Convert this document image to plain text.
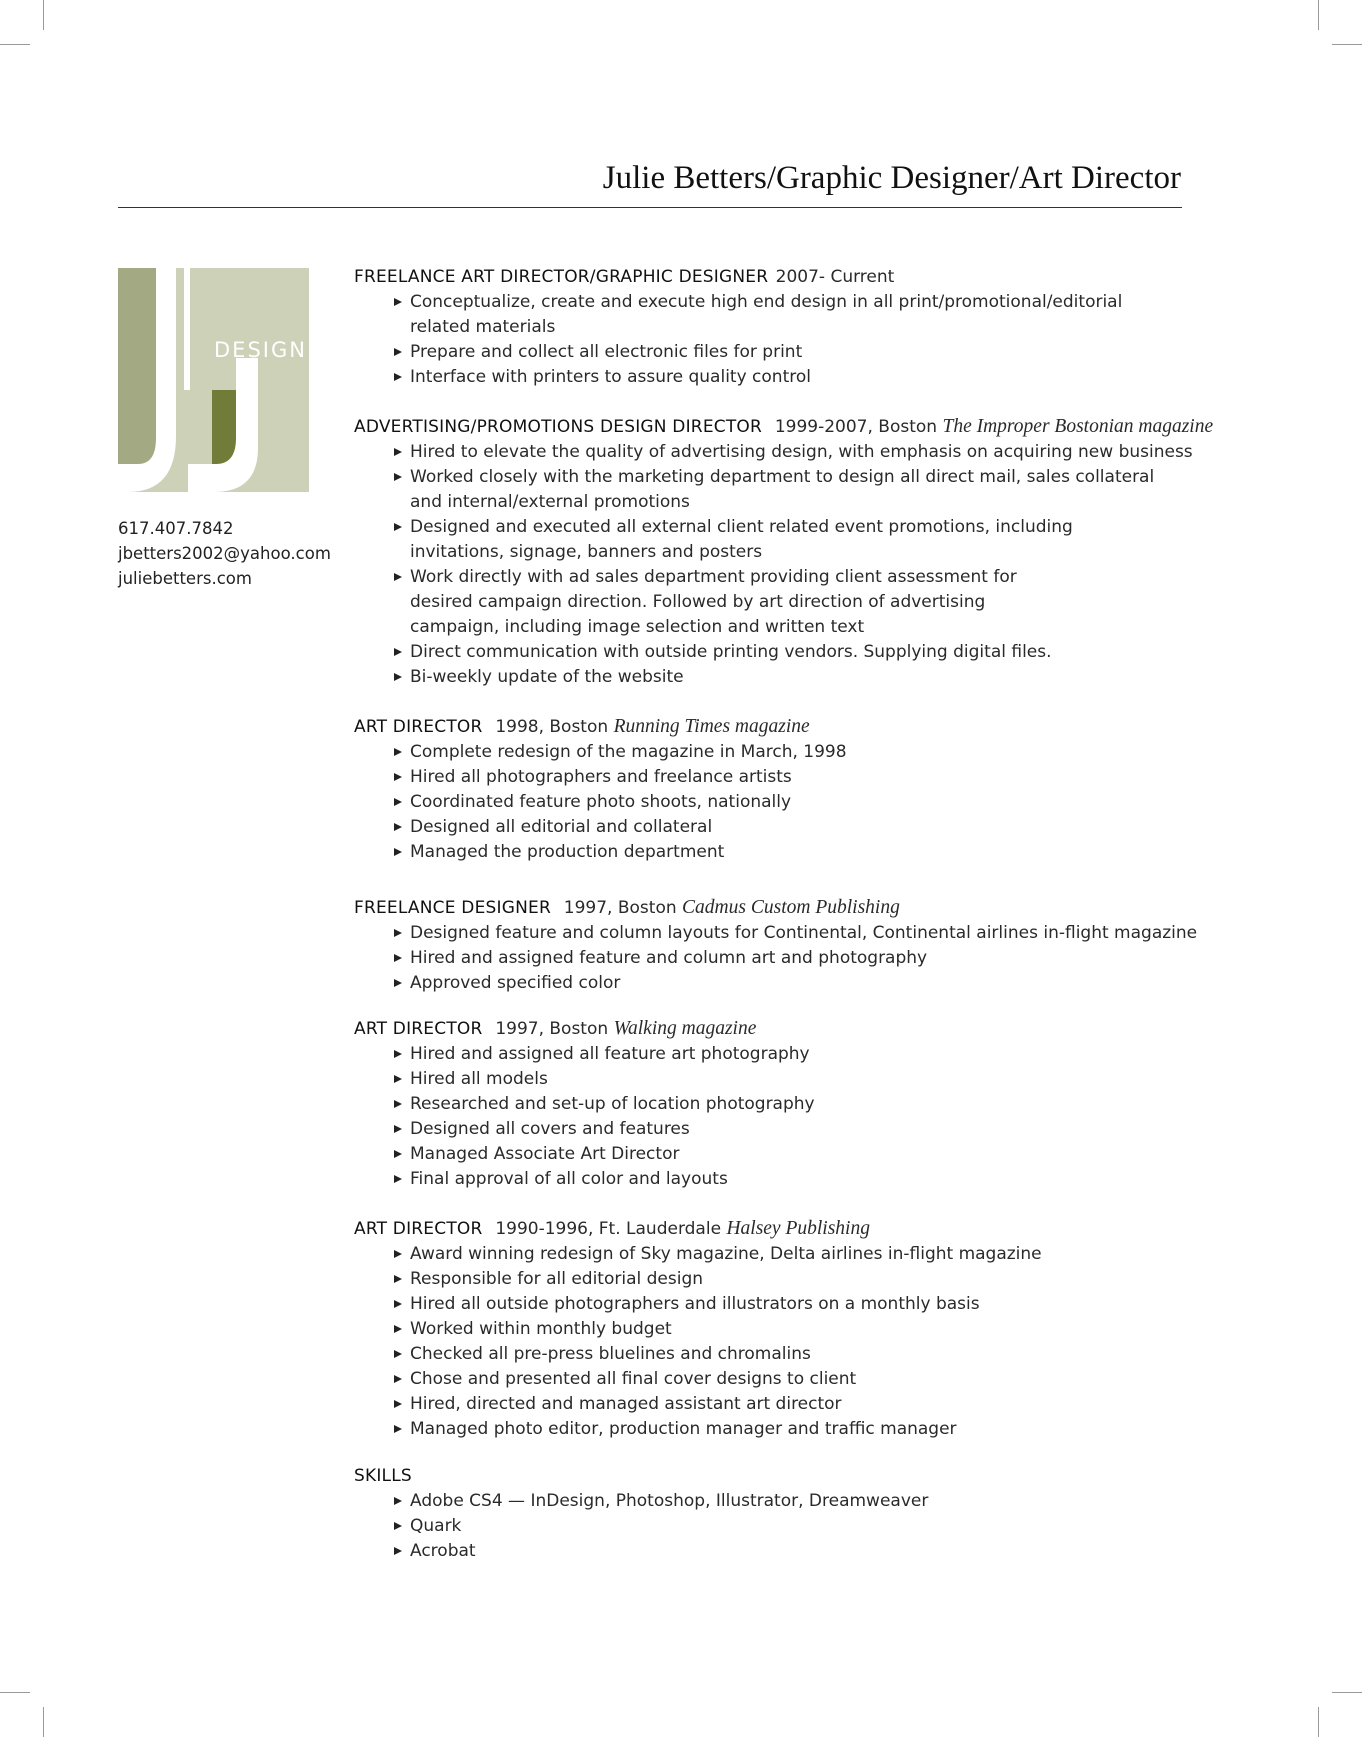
Julie Betters/Graphic Designer/Art Director
DESIGN
617.407.7842
jbetters2002@yahoo.com
juliebetters.com
FREELANCE ART DIRECTOR/GRAPHIC DESIGNER 2007- Current
Conceptualize, create and execute high end design in all print/promotional/editorial related materials
Prepare and collect all electronic files for print
Interface with printers to assure quality control
ADVERTISING/PROMOTIONS DESIGN DIRECTOR 1999-2007, Boston The Improper Bostonian magazine
Hired to elevate the quality of advertising design, with emphasis on acquiring new business
Worked closely with the marketing department to design all direct mail, sales collateral and internal/external promotions
Designed and executed all external client related event promotions, including invitations, signage, banners and posters
Work directly with ad sales department providing client assessment for desired campaign direction. Followed by art direction of advertising campaign, including image selection and written text
Direct communication with outside printing vendors. Supplying digital files.
Bi-weekly update of the website
ART DIRECTOR 1998, Boston Running Times magazine
Complete redesign of the magazine in March, 1998
Hired all photographers and freelance artists
Coordinated feature photo shoots, nationally
Designed all editorial and collateral
Managed the production department
FREELANCE DESIGNER 1997, Boston Cadmus Custom Publishing
Designed feature and column layouts for Continental, Continental airlines in-flight magazine
Hired and assigned feature and column art and photography
Approved specified color
ART DIRECTOR 1997, Boston Walking magazine
Hired and assigned all feature art photography
Hired all models
Researched and set-up of location photography
Designed all covers and features
Managed Associate Art Director
Final approval of all color and layouts
ART DIRECTOR 1990-1996, Ft. Lauderdale Halsey Publishing
Award winning redesign of Sky magazine, Delta airlines in-flight magazine
Responsible for all editorial design
Hired all outside photographers and illustrators on a monthly basis
Worked within monthly budget
Checked all pre-press bluelines and chromalins
Chose and presented all final cover designs to client
Hired, directed and managed assistant art director
Managed photo editor, production manager and traffic manager
SKILLS
Adobe CS4 — InDesign, Photoshop, Illustrator, Dreamweaver
Quark
Acrobat
